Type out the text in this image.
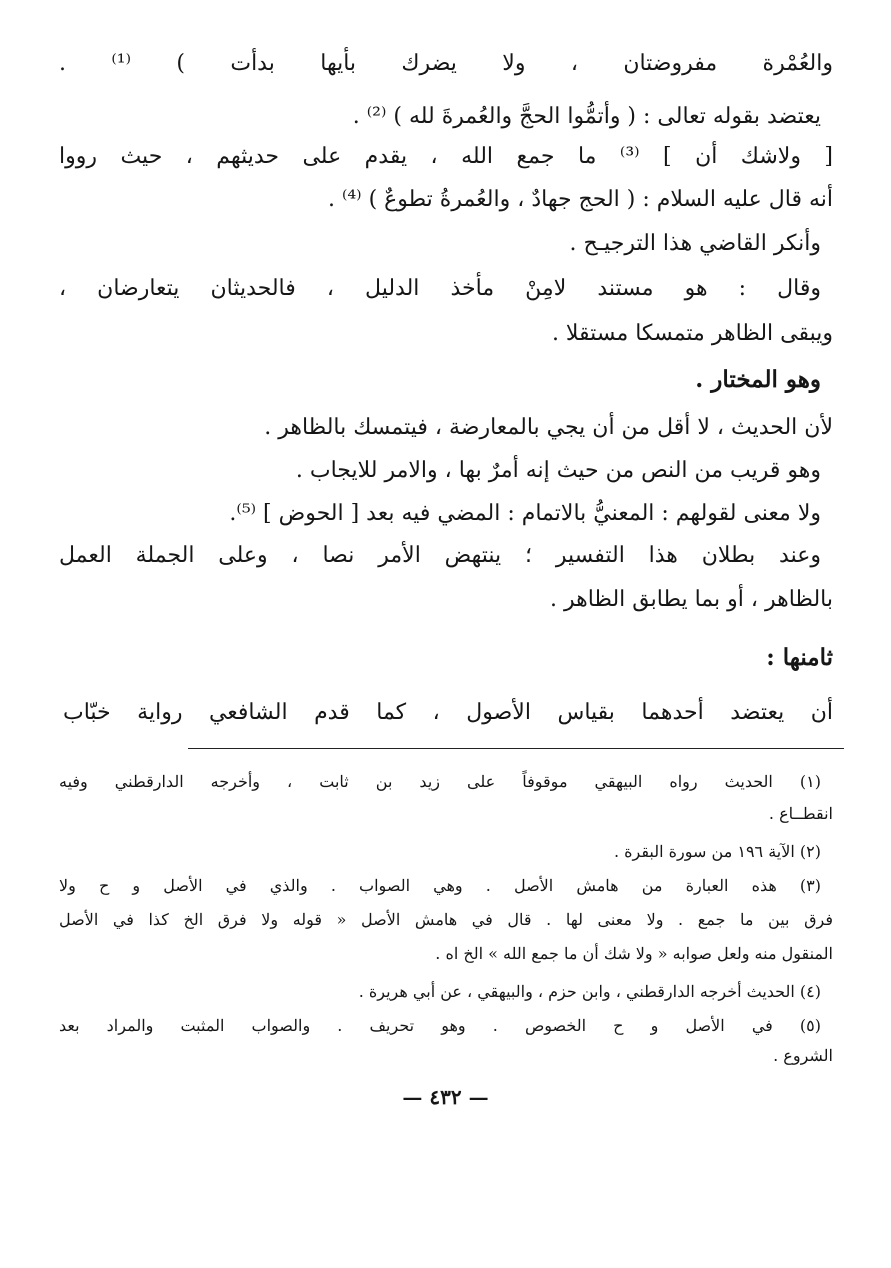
والعُمْرة مفروضتان ، ولا يضرك بأيها بدأت ) ⁽¹⁾ .
يعتضد بقوله تعالى : ( وأتمُّوا الحجَّ والعُمرةَ لله ) ⁽²⁾ .
[ ولاشك أن ] ⁽³⁾ ما جمع الله ، يقدم على حديثهم ، حيث رووا
أنه قال عليه السلام : ( الحج جهادٌ ، والعُمرةُ تطوعٌ ) ⁽⁴⁾ .
وأنكر القاضي هذا الترجيـح .
وقال : هو مستند لامِنْ مأخذ الدليل ، فالحديثان يتعارضان ،
ويبقى الظاهر متمسكا مستقلا .
وهو المختار .
لأن الحديث ، لا أقل من أن يجي بالمعارضة ، فيتمسك بالظاهر .
وهو قريب من النص من حيث إنه أمرٌ بها ، والامر للايجاب .
ولا معنى لقولهم : المعنيُّ بالاتمام : المضي فيه بعد [ الحوض ] ⁽⁵⁾.
وعند بطلان هذا التفسير ؛ ينتهض الأمر نصا ، وعلى الجملة العمل
بالظاهر ، أو بما يطابق الظاهر .
ثامنها :
أن يعتضد أحدهما بقياس الأصول ، كما قدم الشافعي رواية خبّاب
(١) الحديث رواه البيهقي موقوفاً على زيد بن ثابت ، وأخرجه الدارقطني وفيه
انقطــاع .
(٢) الآية ١٩٦ من سورة البقرة .
(٣) هذه العبارة من هامش الأصل . وهي الصواب . والذي في الأصل و ح ولا
فرق بين ما جمع . ولا معنى لها . قال في هامش الأصل « قوله ولا فرق الخ كذا في الأصل
المنقول منه ولعل صوابه « ولا شك أن ما جمع الله » الخ اه .
(٤) الحديث أخرجه الدارقطني ، وابن حزم ، والبيهقي ، عن أبي هريرة .
(٥) في الأصل و ح الخصوص . وهو تحريف . والصواب المثبت والمراد بعد
الشروع .
— ٤٣٢ —
